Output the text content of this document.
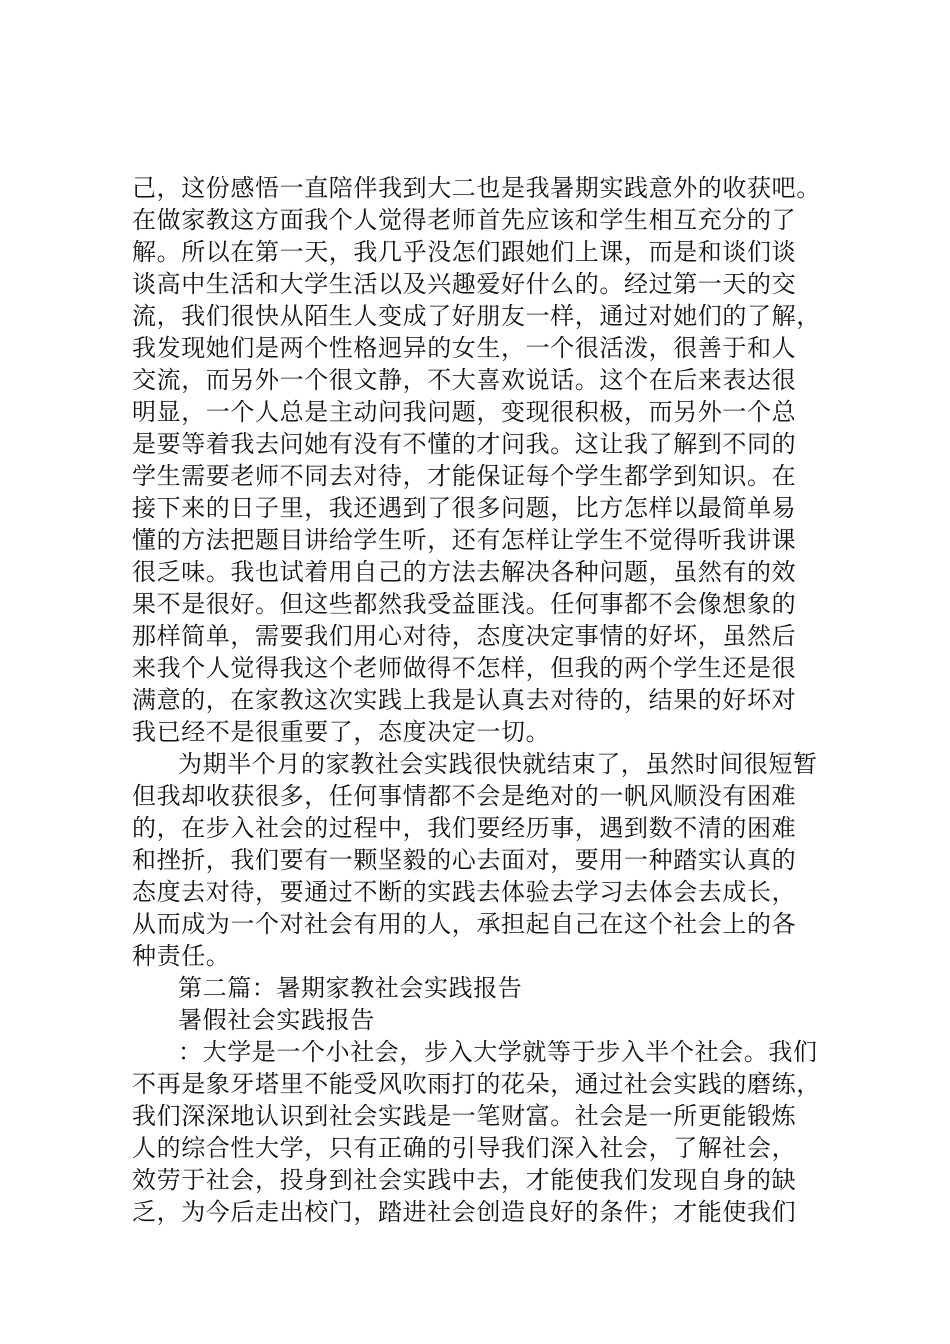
己，这份感悟一直陪伴我到大二也是我暑期实践意外的收获吧。
在做家教这方面我个人觉得老师首先应该和学生相互充分的了
解。所以在第一天，我几乎没怎们跟她们上课，而是和谈们谈
谈高中生活和大学生活以及兴趣爱好什么的。经过第一天的交
流，我们很快从陌生人变成了好朋友一样，通过对她们的了解，
我发现她们是两个性格迥异的女生，一个很活泼，很善于和人
交流，而另外一个很文静，不大喜欢说话。这个在后来表达很
明显，一个人总是主动问我问题，变现很积极，而另外一个总
是要等着我去问她有没有不懂的才问我。这让我了解到不同的
学生需要老师不同去对待，才能保证每个学生都学到知识。在
接下来的日子里，我还遇到了很多问题，比方怎样以最简单易
懂的方法把题目讲给学生听，还有怎样让学生不觉得听我讲课
很乏味。我也试着用自己的方法去解决各种问题，虽然有的效
果不是很好。但这些都然我受益匪浅。任何事都不会像想象的
那样简单，需要我们用心对待，态度决定事情的好坏，虽然后
来我个人觉得我这个老师做得不怎样，但我的两个学生还是很
满意的，在家教这次实践上我是认真去对待的，结果的好坏对
我已经不是很重要了，态度决定一切。
为期半个月的家教社会实践很快就结束了，虽然时间很短暂
但我却收获很多，任何事情都不会是绝对的一帆风顺没有困难
的，在步入社会的过程中，我们要经历事，遇到数不清的困难
和挫折，我们要有一颗坚毅的心去面对，要用一种踏实认真的
态度去对待，要通过不断的实践去体验去学习去体会去成长，
从而成为一个对社会有用的人，承担起自己在这个社会上的各
种责任。
第二篇：暑期家教社会实践报告
暑假社会实践报告
：大学是一个小社会，步入大学就等于步入半个社会。我们
不再是象牙塔里不能受风吹雨打的花朵，通过社会实践的磨练，
我们深深地认识到社会实践是一笔财富。社会是一所更能锻炼
人的综合性大学，只有正确的引导我们深入社会，了解社会，
效劳于社会，投身到社会实践中去，才能使我们发现自身的缺
乏，为今后走出校门，踏进社会创造良好的条件；才能使我们
